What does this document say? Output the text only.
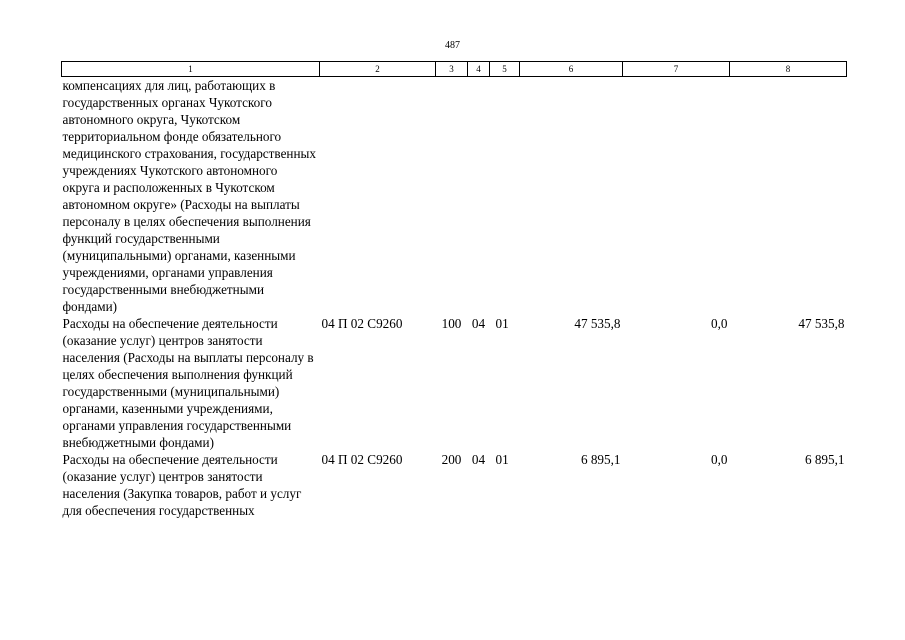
487
1	2	3	4	5	6	7	8
компенсациях для лиц, работающих в государственных органах Чукотского автономного округа, Чукотском территориальном фонде обязательного медицинского страхования, государственных учреждениях Чукотского автономного округа и расположенных в Чукотском автономном округе» (Расходы на выплаты персоналу в целях обеспечения выполнения функций государственными (муниципальными) органами, казенными учреждениями, органами управления государственными внебюджетными фондами)							
Расходы на обеспечение деятельности (оказание услуг) центров занятости населения (Расходы на выплаты персоналу в целях обеспечения выполнения функций государственными (муниципальными) органами, казенными учреждениями, органами управления государственными внебюджетными фондами)	04 П 02 С9260	100	04	01	47 535,8	0,0	47 535,8
Расходы на обеспечение деятельности (оказание услуг) центров занятости населения (Закупка товаров, работ и услуг для обеспечения государственных	04 П 02 С9260	200	04	01	6 895,1	0,0	6 895,1
